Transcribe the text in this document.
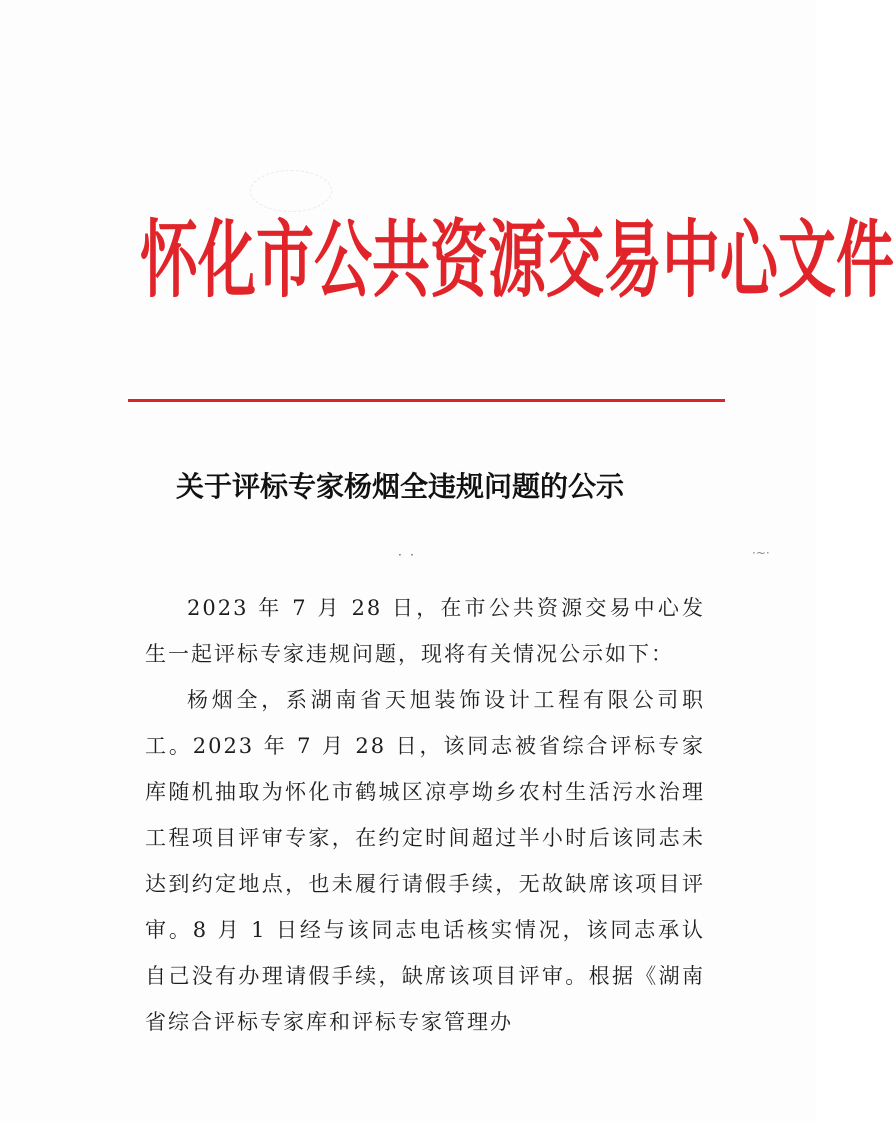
怀化市公共资源交易中心文件
关于评标专家杨烟全违规问题的公示
· ·	·~·

2023 年 7 月 28 日，在市公共资源交易中心发生一起评标专家违规问题，现将有关情况公示如下：

杨烟全，系湖南省天旭装饰设计工程有限公司职工。2023 年 7 月 28 日，该同志被省综合评标专家库随机抽取为怀化市鹤城区凉亭坳乡农村生活污水治理工程项目评审专家，在约定时间超过半小时后该同志未达到约定地点，也未履行请假手续，无故缺席该项目评审。8 月 1 日经与该同志电话核实情况，该同志承认自己没有办理请假手续，缺席该项目评审。根据《湖南省综合评标专家库和评标专家管理办
